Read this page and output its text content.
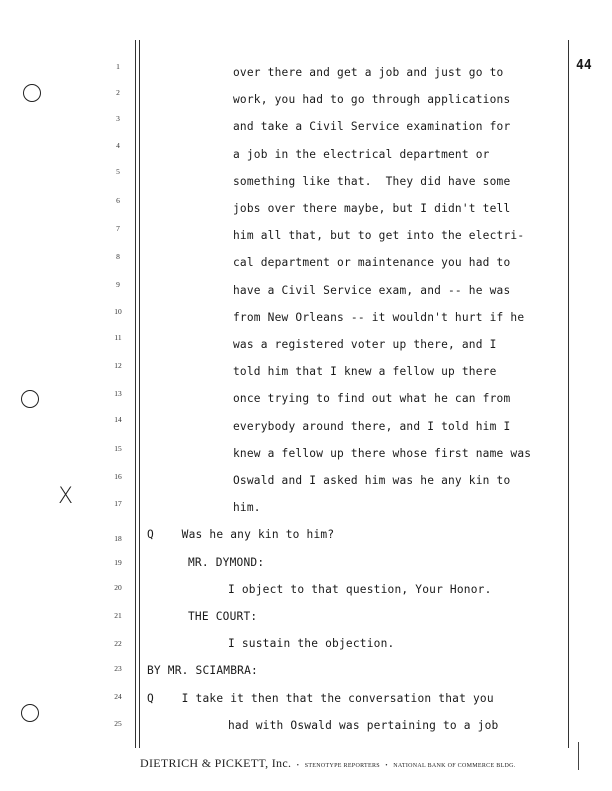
44
X
1
2
3
4
5
6
7
8
9
10
11
12
13
14
15
16
17
18
19
20
21
22
23
24
25
over there and get a job and just go to
work, you had to go through applications
and take a Civil Service examination for
a job in the electrical department or
something like that.  They did have some
jobs over there maybe, but I didn't tell
him all that, but to get into the electri-
cal department or maintenance you had to
have a Civil Service exam, and -- he was
from New Orleans -- it wouldn't hurt if he
was a registered voter up there, and I
told him that I knew a fellow up there
once trying to find out what he can from
everybody around there, and I told him I
knew a fellow up there whose first name was
Oswald and I asked him was he any kin to
him.
Q    Was he any kin to him?
MR. DYMOND:
I object to that question, Your Honor.
THE COURT:
I sustain the objection.
BY MR. SCIAMBRA:
Q    I take it then that the conversation that you
had with Oswald was pertaining to a job
DIETRICH & PICKETT, Inc. • STENOTYPE REPORTERS • NATIONAL BANK OF COMMERCE BLDG.
